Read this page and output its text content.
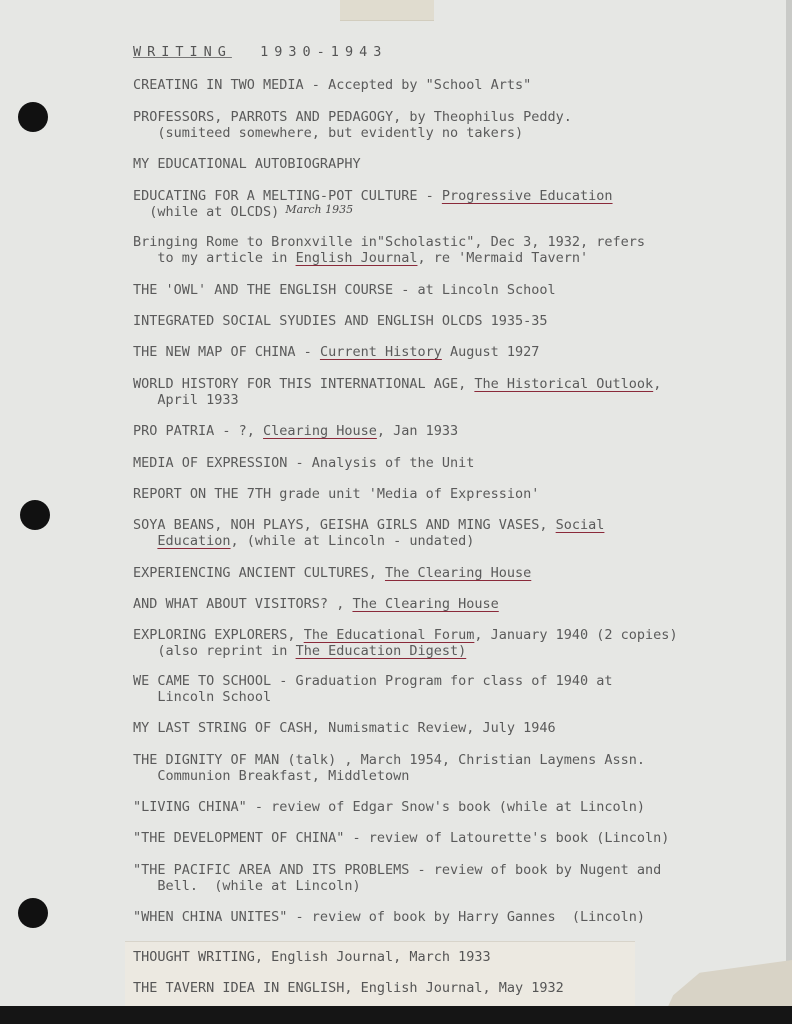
WRITING 1930-1943
CREATING IN TWO MEDIA - Accepted by "School Arts"
PROFESSORS, PARROTS AND PEDAGOGY, by Theophilus Peddy.
(sumiteed somewhere, but evidently no takers)
MY EDUCATIONAL AUTOBIOGRAPHY
EDUCATING FOR A MELTING-POT CULTURE - Progressive Education
(while at OLCDS) $^{March 1935}$
Bringing Rome to Bronxville in"Scholastic", Dec 3, 1932, refers
to my article in English Journal, re 'Mermaid Tavern'
THE 'OWL' AND THE ENGLISH COURSE - at Lincoln School
INTEGRATED SOCIAL SYUDIES AND ENGLISH OLCDS 1935-35
THE NEW MAP OF CHINA - Current History August 1927
WORLD HISTORY FOR THIS INTERNATIONAL AGE, The Historical Outlook,
April 1933
PRO PATRIA - ?, Clearing House, Jan 1933
MEDIA OF EXPRESSION - Analysis of the Unit
REPORT ON THE 7TH grade unit 'Media of Expression'
SOYA BEANS, NOH PLAYS, GEISHA GIRLS AND MING VASES, Social
Education, (while at Lincoln - undated)
EXPERIENCING ANCIENT CULTURES, The Clearing House
AND WHAT ABOUT VISITORS? , The Clearing House
EXPLORING EXPLORERS, The Educational Forum, January 1940 (2 copies)
(also reprint in The Education Digest)
WE CAME TO SCHOOL - Graduation Program for class of 1940 at
Lincoln School
MY LAST STRING OF CASH, Numismatic Review, July 1946
THE DIGNITY OF MAN (talk) , March 1954, Christian Laymens Assn.
Communion Breakfast, Middletown
"LIVING CHINA" - review of Edgar Snow's book (while at Lincoln)
"THE DEVELOPMENT OF CHINA" - review of Latourette's book (Lincoln)
"THE PACIFIC AREA AND ITS PROBLEMS - review of book by Nugent and
Bell.  (while at Lincoln)
"WHEN CHINA UNITES" - review of book by Harry Gannes  (Lincoln)
THOUGHT WRITING, English Journal, March 1933
THE TAVERN IDEA IN ENGLISH, English Journal, May 1932
